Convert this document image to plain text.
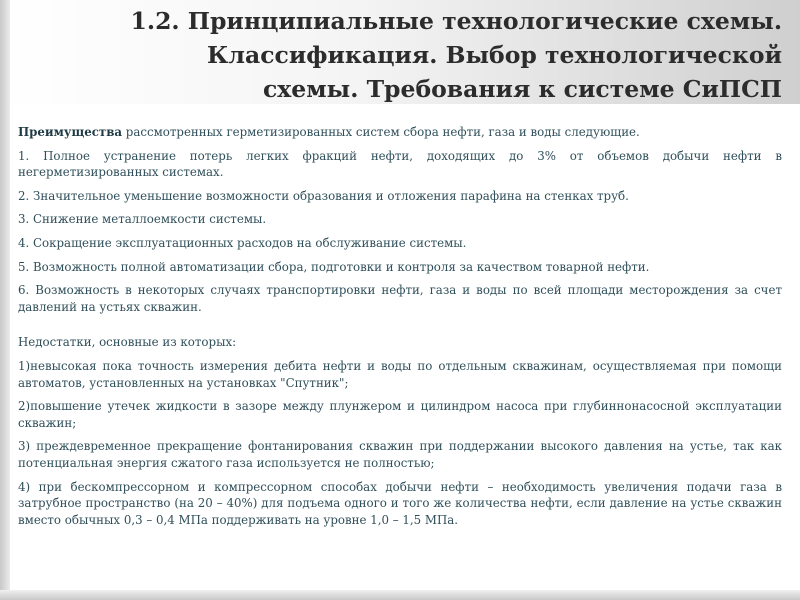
1.2. Принципиальные технологические схемы.
Классификация. Выбор технологической
схемы. Требования к системе СиПСП

Преимущества рассмотренных герметизированных систем сбора нефти, газа и воды следующие.

1. Полное устранение потерь легких фракций нефти, доходящих до 3% от объемов добычи нефти в негерметизированных системах.

2. Значительное уменьшение возможности образования и отложения парафина на стенках труб.

3. Снижение металлоемкости системы.

4. Сокращение эксплуатационных расходов на обслуживание системы.

5. Возможность полной автоматизации сбора, подготовки и контроля за качеством товарной нефти.

6. Возможность в некоторых случаях транспортировки нефти, газа и воды по всей площади месторождения за счет давлений на устьях скважин.

Недостатки, основные из которых:

1)невысокая пока точность измерения дебита нефти и воды по отдельным скважинам, осуществляемая при помощи автоматов, установленных на установках "Спутник";

2)повышение утечек жидкости в зазоре между плунжером и цилиндром насоса при глубиннонасосной эксплуатации скважин;

3) преждевременное прекращение фонтанирования скважин при поддержании высокого давления на устье, так как потенциальная энергия сжатого газа используется не полностью;

4) при бескомпрессорном и компрессорном способах добычи нефти – необходимость увеличения подачи газа в затрубное пространство (на 20 – 40%) для подъема одного и того же количества нефти, если давление на устье скважин вместо обычных 0,3 – 0,4 МПа поддерживать на уровне 1,0 – 1,5 МПа.
